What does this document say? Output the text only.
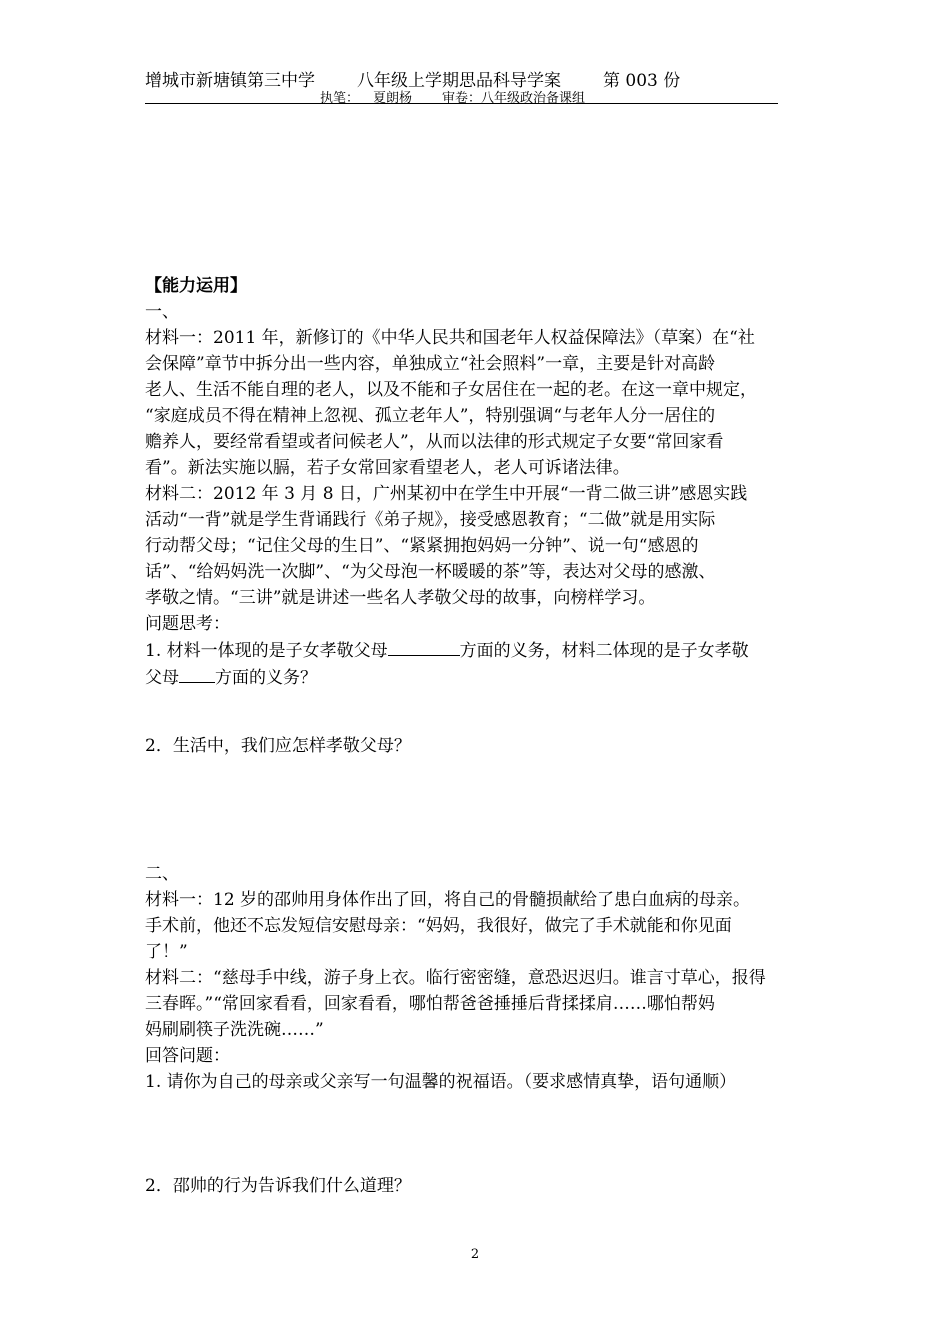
增城市新塘镇第三中学 八年级上学期思品科导学案 第 003 份
执笔： 夏朗杨 审卷：八年级政治备课组

【能力运用】

一、

材料一：2011 年，新修订的《中华人民共和国老年人权益保障法》（草案）在“社

会保障”章节中拆分出一些内容，单独成立“社会照料”一章，主要是针对高龄

老人、生活不能自理的老人，以及不能和子女居住在一起的老。在这一章中规定，

“家庭成员不得在精神上忽视、孤立老年人”，特别强调“与老年人分一居住的

赡养人，要经常看望或者问候老人”，从而以法律的形式规定子女要“常回家看

看”。新法实施以膈，若子女常回家看望老人，老人可诉诸法律。

材料二：2012 年 3 月 8 日，广州某初中在学生中开展“一背二做三讲”感恩实践

活动“一背”就是学生背诵践行《弟子规》，接受感恩教育；“二做”就是用实际

行动帮父母；“记住父母的生日”、“紧紧拥抱妈妈一分钟”、说一句“感恩的

话”、“给妈妈洗一次脚”、“为父母泡一杯暖暖的茶”等，表达对父母的感激、

孝敬之情。“三讲”就是讲述一些名人孝敬父母的故事，向榜样学习。

问题思考：

1. 材料一体现的是子女孝敬父母	方面的义务，材料二体现的是子女孝敬

父母 方面的义务？

2．生活中，我们应怎样孝敬父母？

二、

材料一：12 岁的邵帅用身体作出了回，将自己的骨髓损献给了患白血病的母亲。

手术前，他还不忘发短信安慰母亲：“妈妈，我很好，做完了手术就能和你见面

了！”

材料二：“慈母手中线，游子身上衣。临行密密缝，意恐迟迟归。谁言寸草心，报得

三春晖。”“常回家看看，回家看看，哪怕帮爸爸捶捶后背揉揉肩……哪怕帮妈

妈刷刷筷子洗洗碗……”

回答问题：

1. 请你为自己的母亲或父亲写一句温馨的祝福语。（要求感情真挚，语句通顺）

2．邵帅的行为告诉我们什么道理？

2
